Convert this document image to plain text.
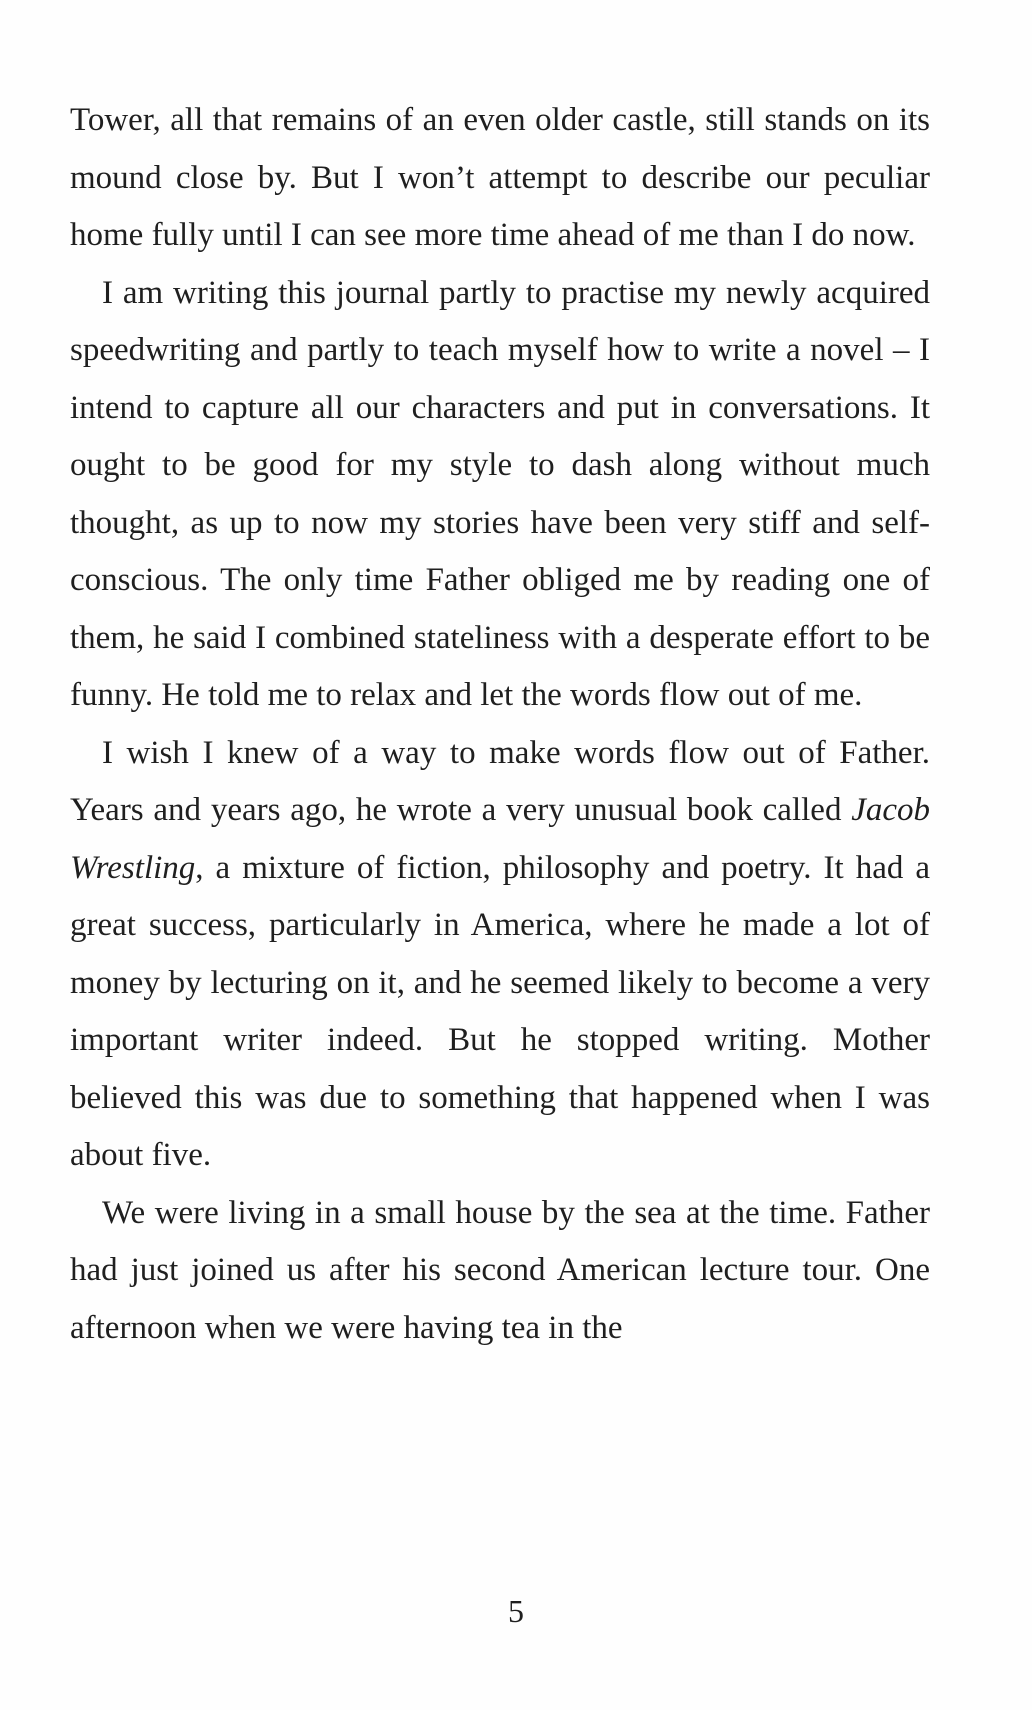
Tower, all that remains of an even older castle, still stands on its mound close by. But I won’t attempt to describe our peculiar home fully until I can see more time ahead of me than I do now.

I am writing this journal partly to practise my newly acquired speedwriting and partly to teach myself how to write a novel – I intend to capture all our characters and put in conversations. It ought to be good for my style to dash along without much thought, as up to now my stories have been very stiff and self-conscious. The only time Father obliged me by reading one of them, he said I combined stateliness with a desperate effort to be funny. He told me to relax and let the words flow out of me.

I wish I knew of a way to make words flow out of Father. Years and years ago, he wrote a very unusual book called Jacob Wrestling, a mixture of fiction, philosophy and poetry. It had a great success, particularly in America, where he made a lot of money by lecturing on it, and he seemed likely to become a very important writer indeed. But he stopped writing. Mother believed this was due to something that happened when I was about five.

We were living in a small house by the sea at the time. Father had just joined us after his second American lecture tour. One afternoon when we were having tea in the

5
